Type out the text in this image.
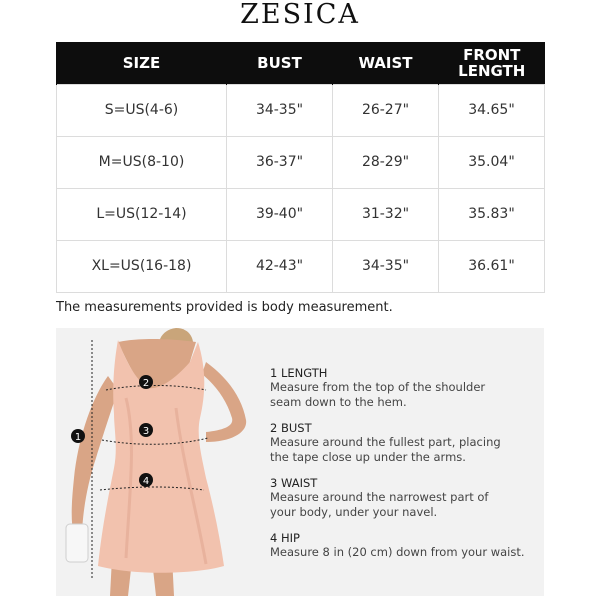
ZESICA
SIZE	BUST	WAIST	FRONT LENGTH
S=US(4-6)	34-35"	26-27"	34.65"
M=US(8-10)	36-37"	28-29"	35.04"
L=US(12-14)	39-40"	31-32"	35.83"
XL=US(16-18)	42-43"	34-35"	36.61"
The measurements provided is body measurement.
1
2
3
4
1 LENGTH
Measure from the top of the shoulder
seam down to the hem.
2 BUST
Measure around the fullest part, placing
the tape close up under the arms.
3 WAIST
Measure around the narrowest part of
your body, under your navel.
4 HIP
Measure 8 in (20 cm) down from your waist.
